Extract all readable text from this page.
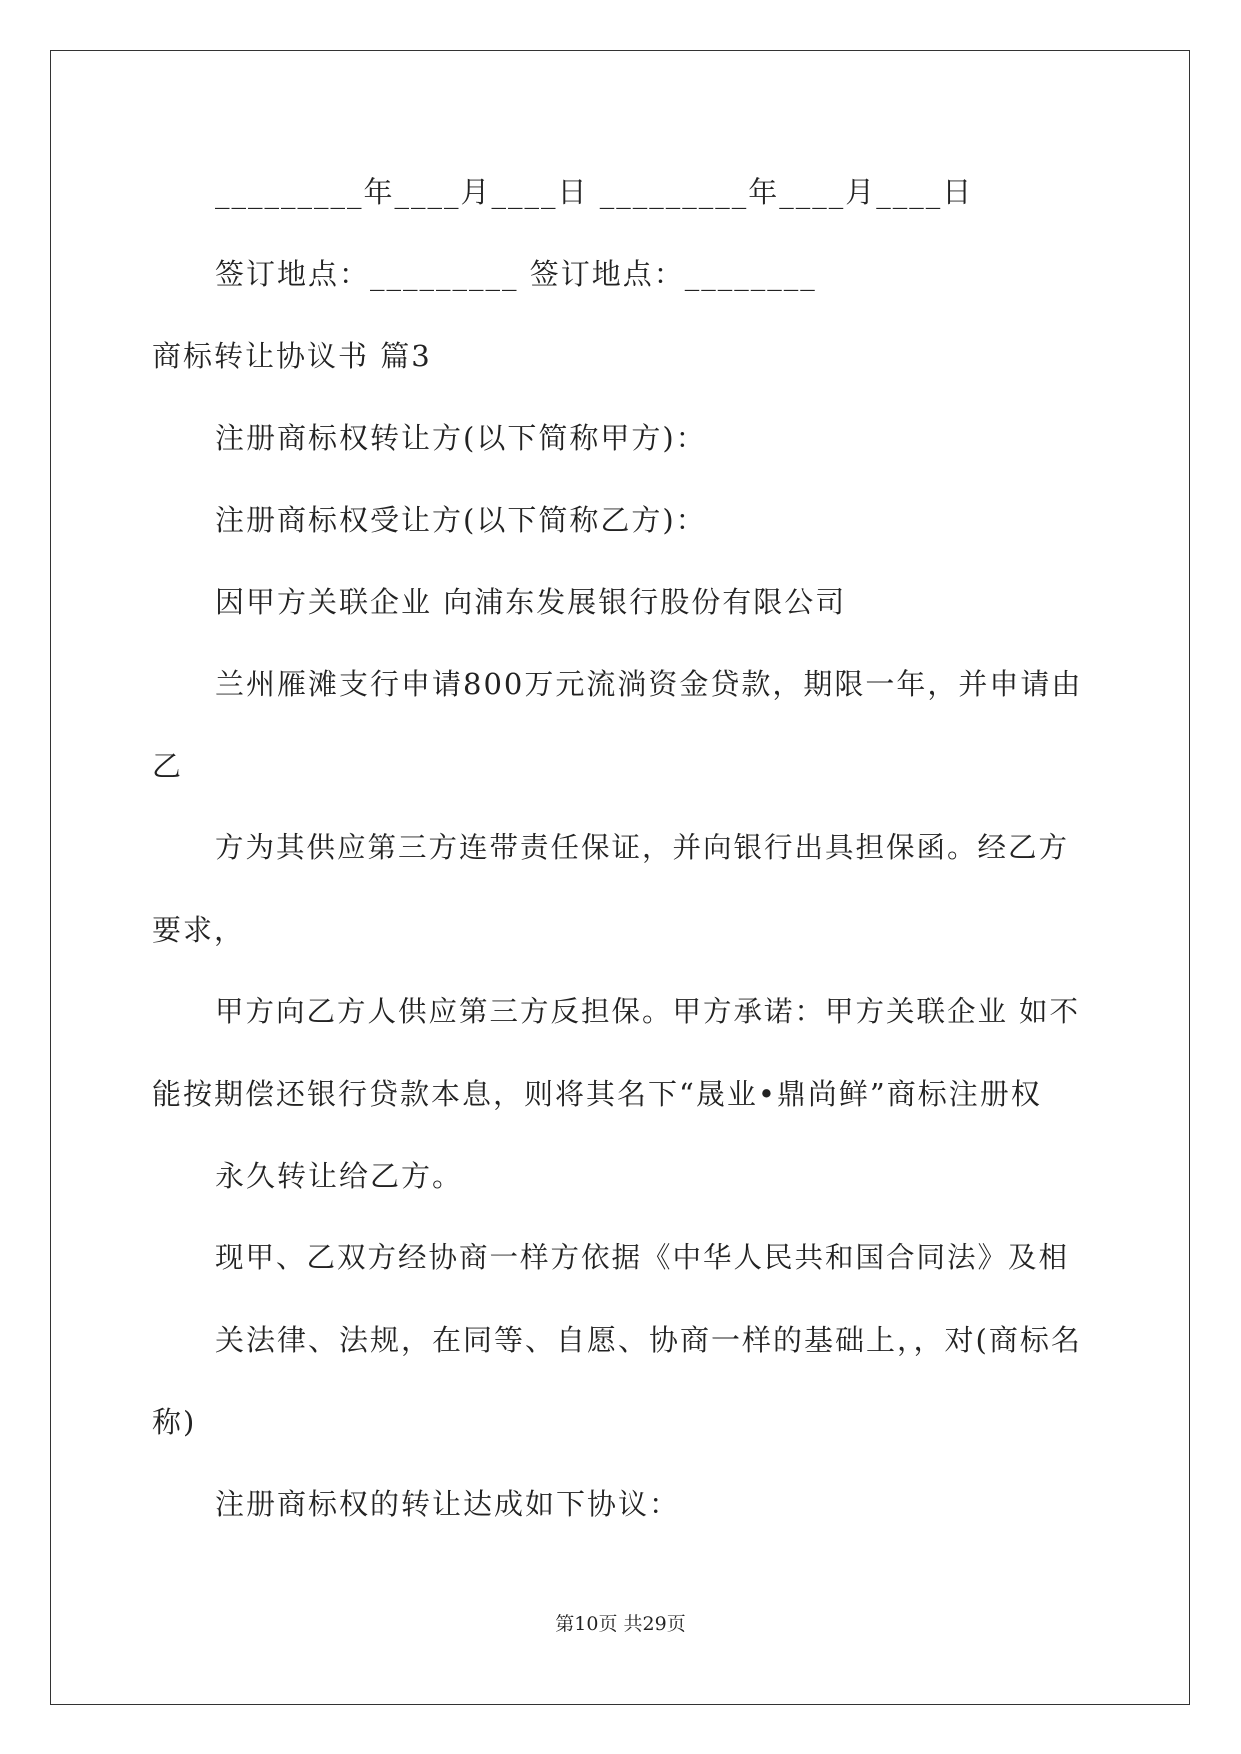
_________年____月____日 _________年____月____日
签订地点：_________ 签订地点：________
商标转让协议书 篇3
注册商标权转让方(以下简称甲方)：
注册商标权受让方(以下简称乙方)：
因甲方关联企业 向浦东发展银行股份有限公司
兰州雁滩支行申请800万元流淌资金贷款，期限一年，并申请由
乙
方为其供应第三方连带责任保证，并向银行出具担保函。经乙方
要求，
甲方向乙方人供应第三方反担保。甲方承诺：甲方关联企业 如不
能按期偿还银行贷款本息，则将其名下“晟业•鼎尚鲜”商标注册权
永久转让给乙方。
现甲、乙双方经协商一样方依据《中华人民共和国合同法》及相
关法律、法规，在同等、自愿、协商一样的基础上，，对(商标名
称)
注册商标权的转让达成如下协议：
第10页 共29页
